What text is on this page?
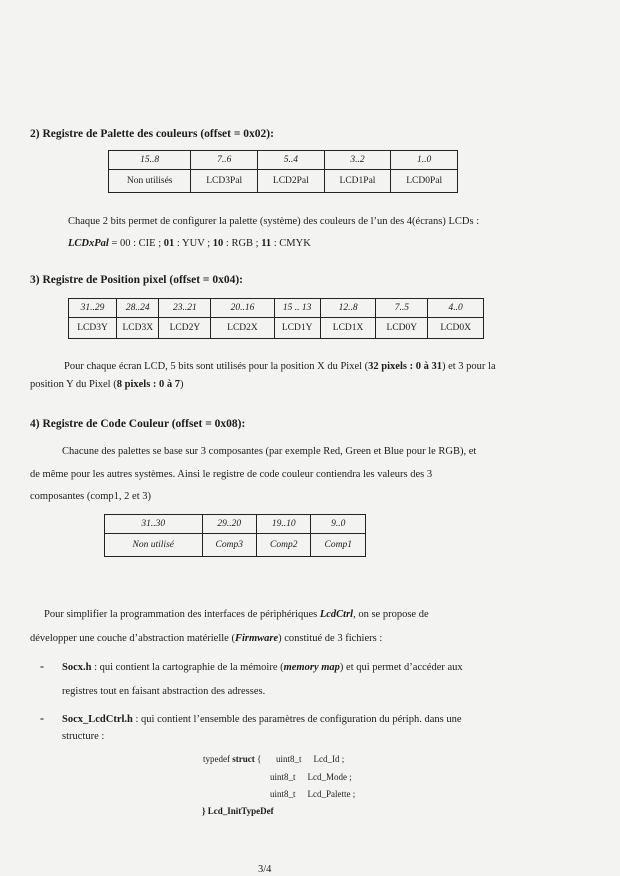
2) Registre de Palette des couleurs (offset = 0x02):
15..8	7..6	5..4	3..2	1..0
Non utilisés	LCD3Pal	LCD2Pal	LCD1Pal	LCD0Pal
Chaque 2 bits permet de configurer la palette (système) des couleurs de l’un des 4(écrans) LCDs :
LCDxPal = 00 : CIE ; 01 : YUV ; 10 : RGB ; 11 : CMYK
3) Registre de Position pixel (offset = 0x04):
31..29	28..24	23..21	20..16	15 .. 13	12..8	7..5	4..0
LCD3Y	LCD3X	LCD2Y	LCD2X	LCD1Y	LCD1X	LCD0Y	LCD0X
Pour chaque écran LCD, 5 bits sont utilisés pour la position X du Pixel (32 pixels : 0 à 31) et 3 pour la
position Y du Pixel (8 pixels : 0 à 7)
4) Registre de Code Couleur (offset = 0x08):
Chacune des palettes se base sur 3 composantes (par exemple Red, Green et Blue pour le RGB), et
de même pour les autres systèmes. Ainsi le registre de code couleur contiendra les valeurs des 3
composantes (comp1, 2 et 3)
31..30	29..20	19..10	9..0
Non utilisé	Comp3	Comp2	Comp1
Pour simplifier la programmation des interfaces de périphériques LcdCtrl, on se propose de
développer une couche d’abstraction matérielle (Firmware) constitué de 3 fichiers :
- Socx.h : qui contient la cartographie de la mémoire (memory map) et qui permet d’accéder aux
registres tout en faisant abstraction des adresses.
- Socx_LcdCtrl.h : qui contient l’ensemble des paramètres de configuration du périph. dans une
structure :
typedef struct { uint8_t Lcd_Id ;
uint8_t Lcd_Mode ;
uint8_t Lcd_Palette ;
} Lcd_InitTypeDef
3/4
